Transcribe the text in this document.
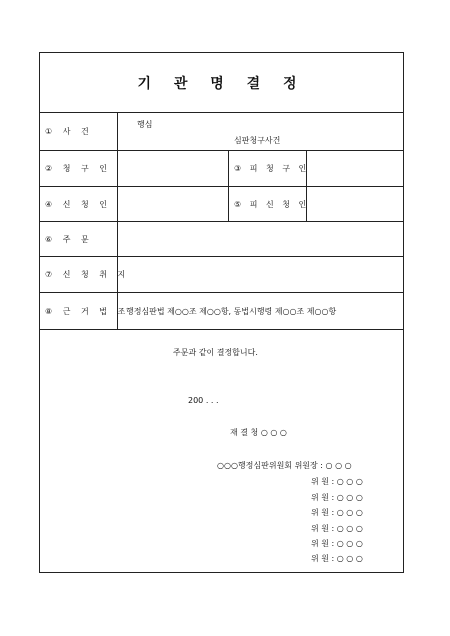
기 관 명 결 정
① 사 건
행심
심판청구사건
② 청 구 인	③ 피 청 구 인
④ 신 청 인	⑤ 피 신 청 인
⑥ 주 문
⑦ 신 청 취 지
⑧ 근 거 법 조
행정심판법 제○○조 제○○항, 동법시행령 제○○조 제○○항
주문과 같이 결정합니다.
200 . . .
재 결 청 ○ ○ ○
○○○행정심판위원회 위원장 : ○ ○ ○
위 원 : ○ ○ ○
위 원 : ○ ○ ○
위 원 : ○ ○ ○
위 원 : ○ ○ ○
위 원 : ○ ○ ○
위 원 : ○ ○ ○
